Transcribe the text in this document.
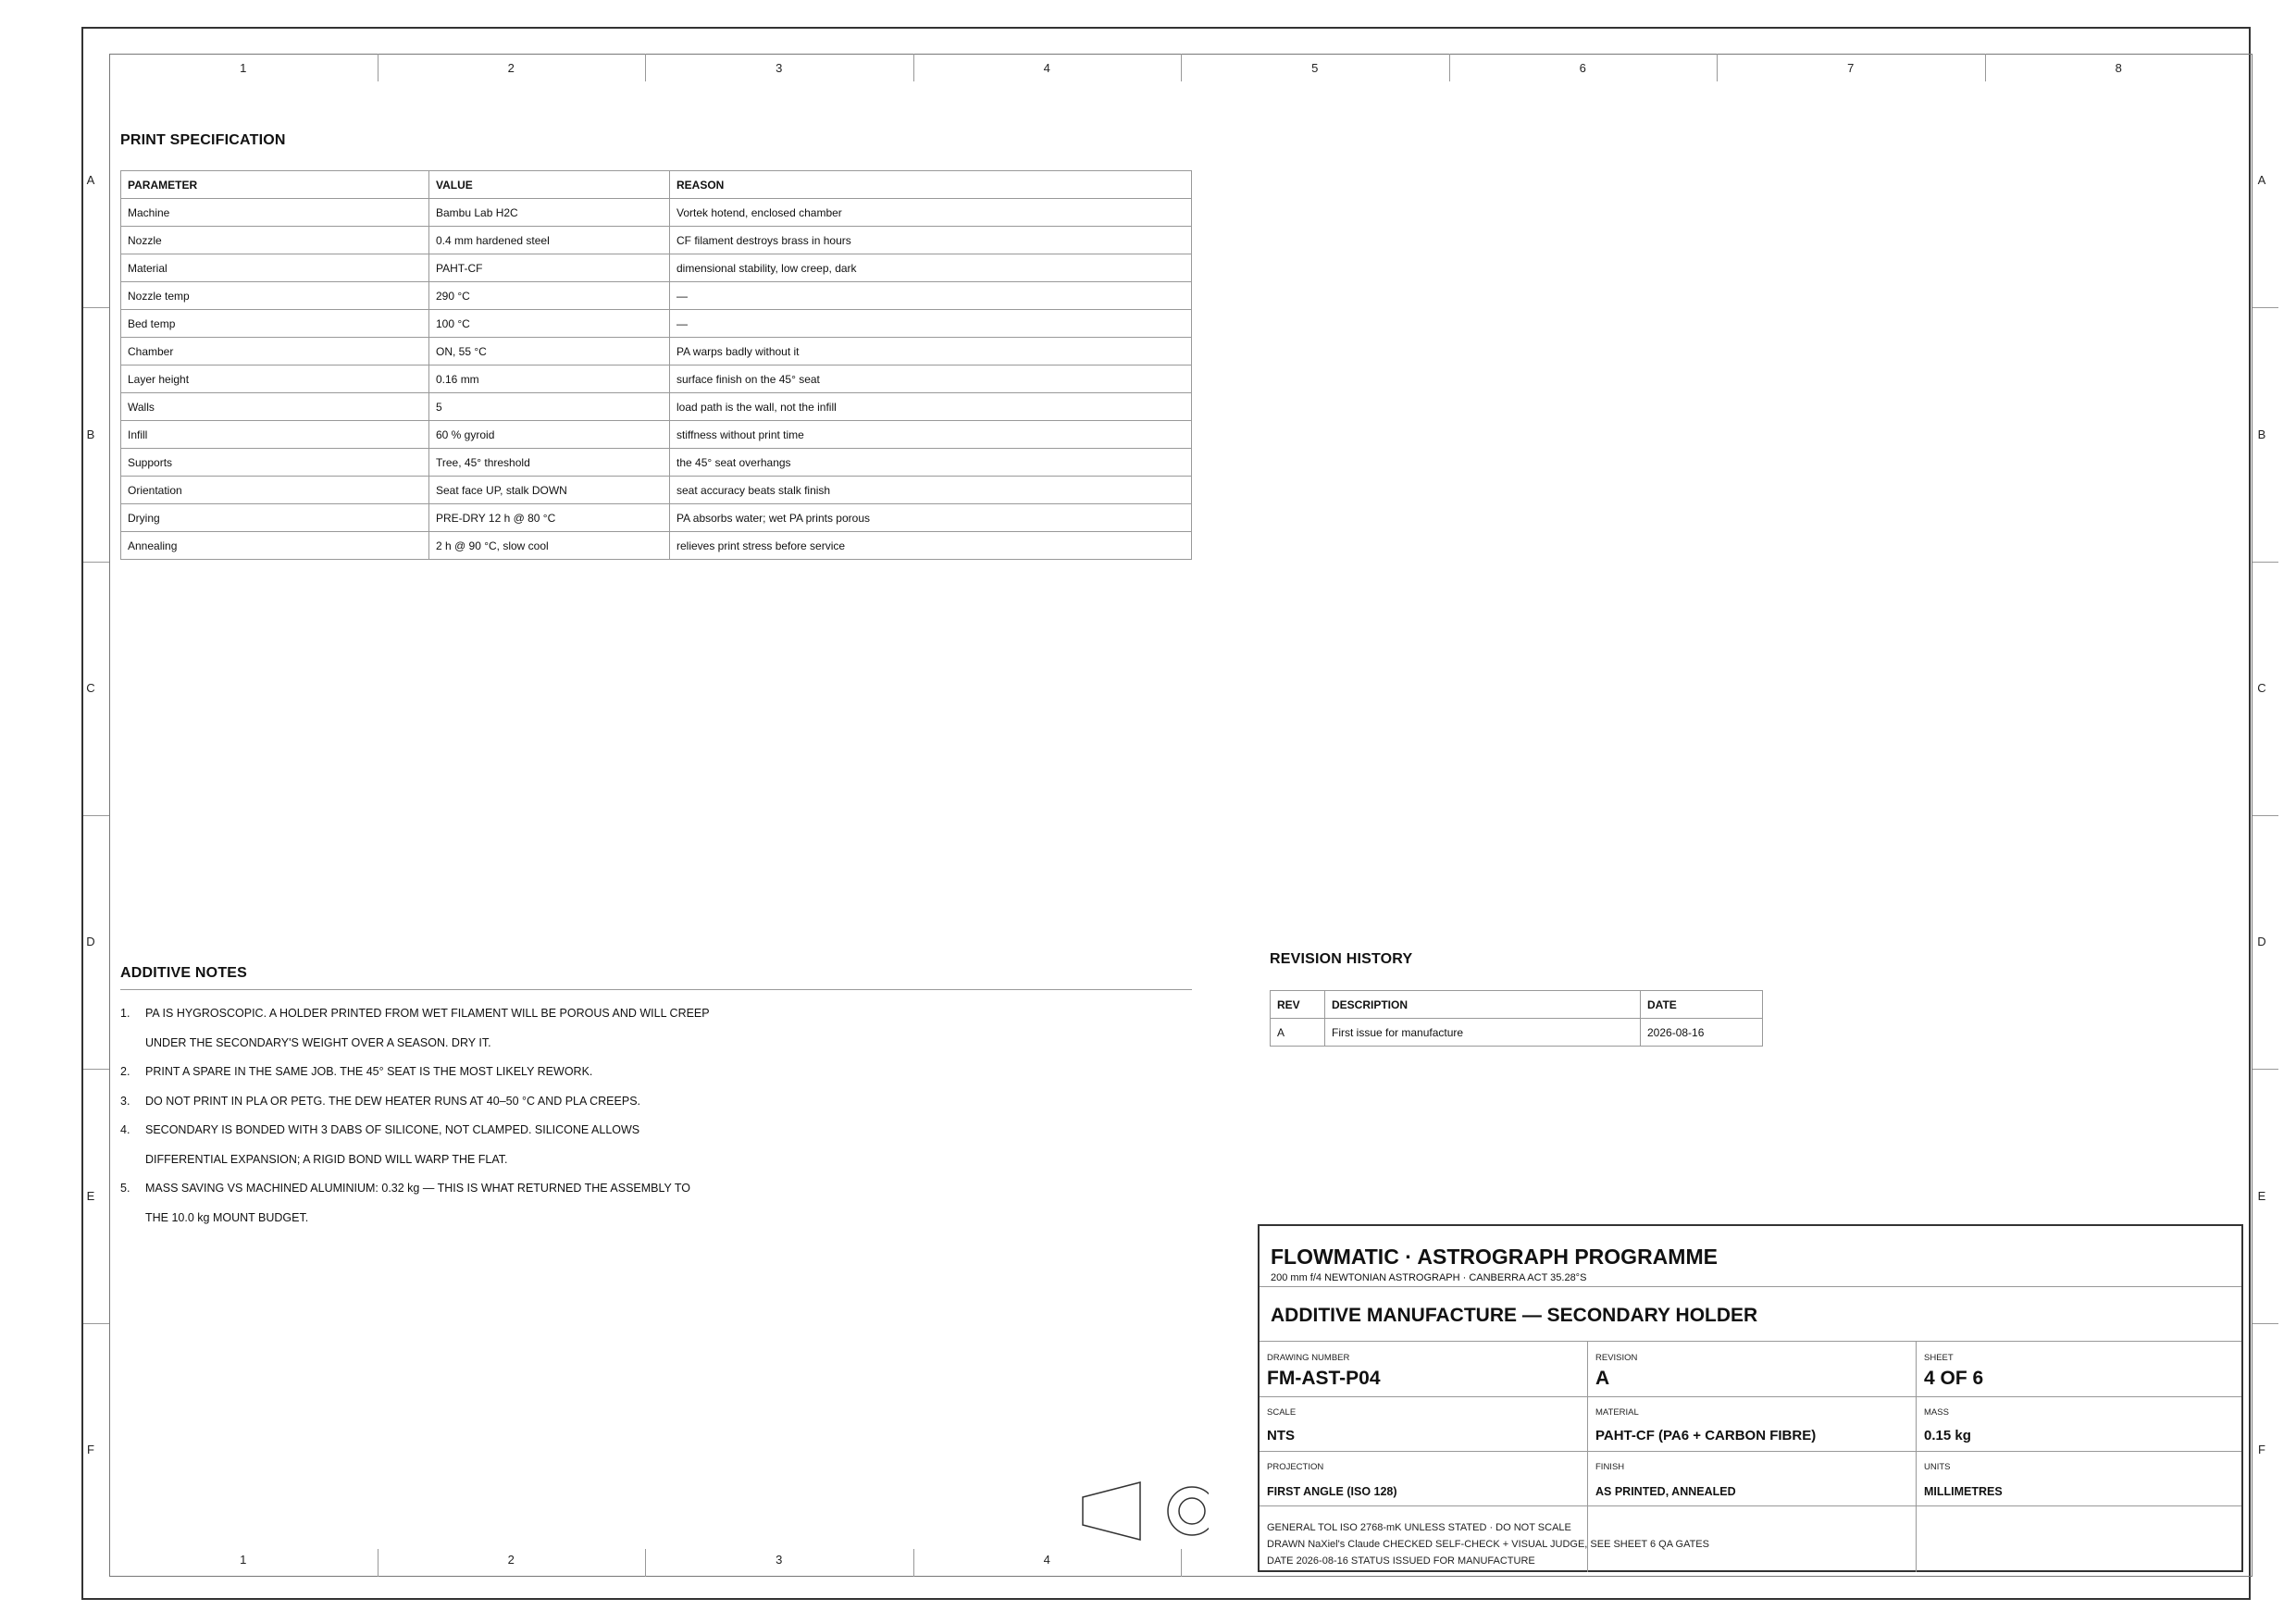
1	2	3	4	5	6	7	8
1	2	3	4
A	A
B	B
C	C
D	D
E	E
F	F
PRINT SPECIFICATION
PARAMETER	VALUE	REASON
Machine	Bambu Lab H2C	Vortek hotend, enclosed chamber
Nozzle	0.4 mm hardened steel	CF filament destroys brass in hours
Material	PAHT-CF	dimensional stability, low creep, dark
Nozzle temp	290 °C	—
Bed temp	100 °C	—
Chamber	ON, 55 °C	PA warps badly without it
Layer height	0.16 mm	surface finish on the 45° seat
Walls	5	load path is the wall, not the infill
Infill	60 % gyroid	stiffness without print time
Supports	Tree, 45° threshold	the 45° seat overhangs
Orientation	Seat face UP, stalk DOWN	seat accuracy beats stalk finish
Drying	PRE-DRY 12 h @ 80 °C	PA absorbs water; wet PA prints porous
Annealing	2 h @ 90 °C, slow cool	relieves print stress before service
ADDITIVE NOTES
1. PA IS HYGROSCOPIC. A HOLDER PRINTED FROM WET FILAMENT WILL BE POROUS AND WILL CREEP UNDER THE SECONDARY'S WEIGHT OVER A SEASON. DRY IT.
2. PRINT A SPARE IN THE SAME JOB. THE 45° SEAT IS THE MOST LIKELY REWORK.
3. DO NOT PRINT IN PLA OR PETG. THE DEW HEATER RUNS AT 40–50 °C AND PLA CREEPS.
4. SECONDARY IS BONDED WITH 3 DABS OF SILICONE, NOT CLAMPED. SILICONE ALLOWS DIFFERENTIAL EXPANSION; A RIGID BOND WILL WARP THE FLAT.
5. MASS SAVING VS MACHINED ALUMINIUM: 0.32 kg — THIS IS WHAT RETURNED THE ASSEMBLY TO THE 10.0 kg MOUNT BUDGET.
REVISION HISTORY
REV	DESCRIPTION	DATE
A	First issue for manufacture	2026-08-16
FLOWMATIC · ASTROGRAPH PROGRAMME
200 mm f/4 NEWTONIAN ASTROGRAPH · CANBERRA ACT 35.28°S
ADDITIVE MANUFACTURE — SECONDARY HOLDER
DRAWING NUMBER
FM-AST-P04
REVISION
A
SHEET
4 OF 6
SCALE
NTS
MATERIAL
PAHT-CF (PA6 + CARBON FIBRE)
MASS
0.15 kg
PROJECTION
FIRST ANGLE (ISO 128)
FINISH
AS PRINTED, ANNEALED
UNITS
MILLIMETRES
GENERAL TOL ISO 2768-mK UNLESS STATED · DO NOT SCALE
DRAWN NaXiel's Claude CHECKED SELF-CHECK + VISUAL JUDGE, SEE SHEET 6 QA GATES
DATE 2026-08-16 STATUS ISSUED FOR MANUFACTURE
